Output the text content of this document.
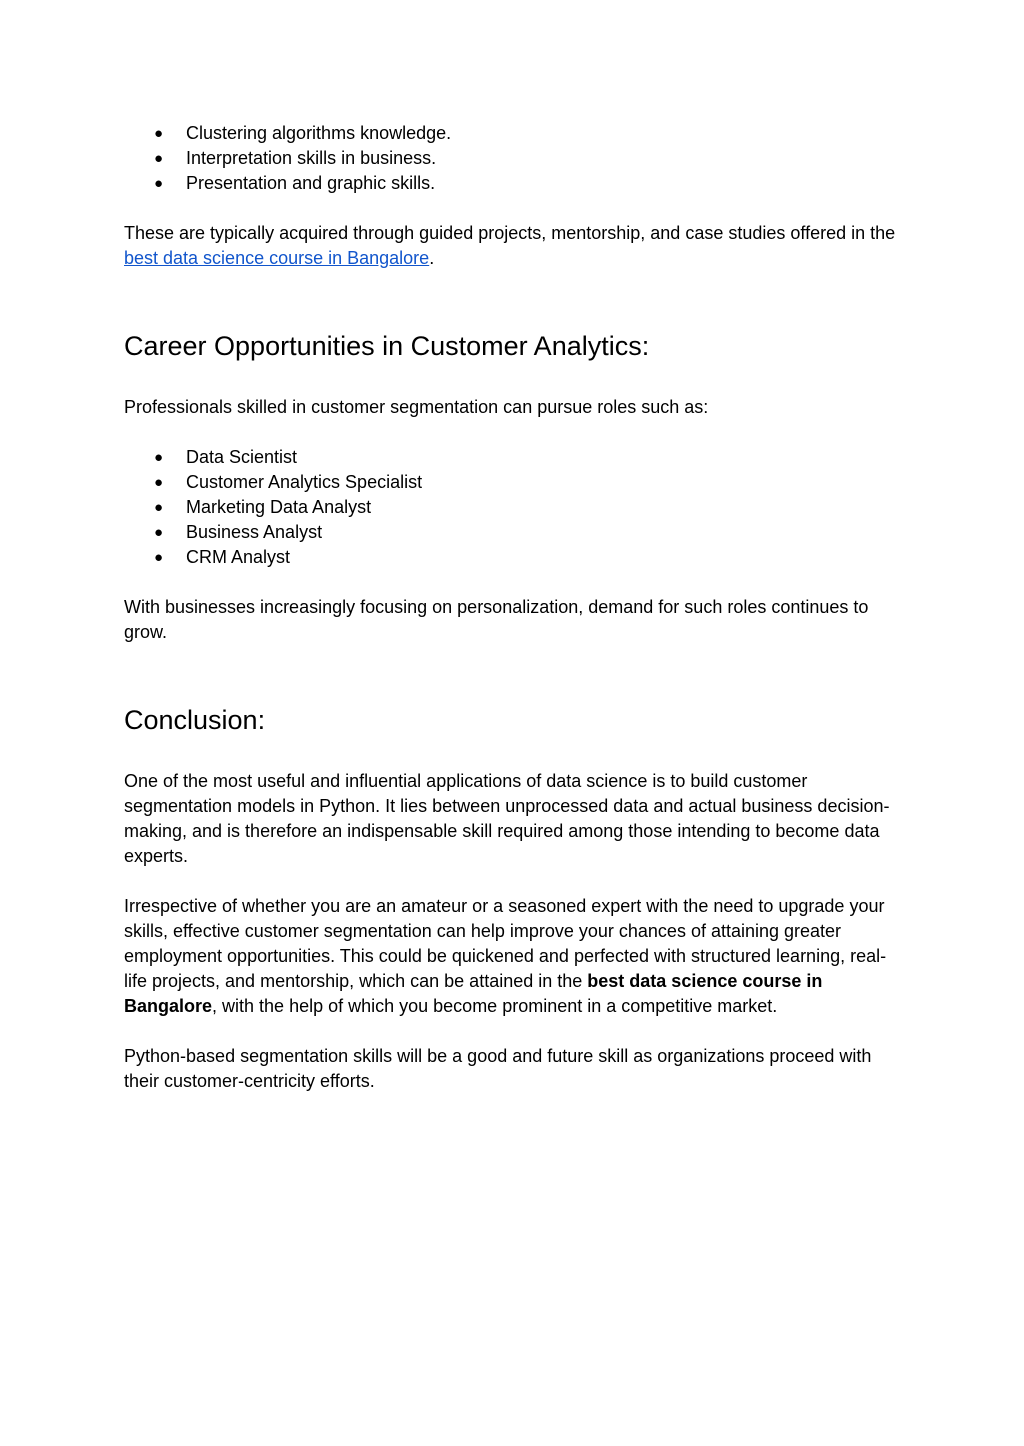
● Clustering algorithms knowledge.
● Interpretation skills in business.
● Presentation and graphic skills.

These are typically acquired through guided projects, mentorship, and case studies offered in the best data science course in Bangalore.

Career Opportunities in Customer Analytics:

Professionals skilled in customer segmentation can pursue roles such as:

● Data Scientist
● Customer Analytics Specialist
● Marketing Data Analyst
● Business Analyst
● CRM Analyst

With businesses increasingly focusing on personalization, demand for such roles continues to grow.

Conclusion:

One of the most useful and influential applications of data science is to build customer segmentation models in Python. It lies between unprocessed data and actual business decision-making, and is therefore an indispensable skill required among those intending to become data experts.

Irrespective of whether you are an amateur or a seasoned expert with the need to upgrade your skills, effective customer segmentation can help improve your chances of attaining greater employment opportunities. This could be quickened and perfected with structured learning, real-life projects, and mentorship, which can be attained in the best data science course in Bangalore, with the help of which you become prominent in a competitive market.

Python-based segmentation skills will be a good and future skill as organizations proceed with their customer-centricity efforts.
